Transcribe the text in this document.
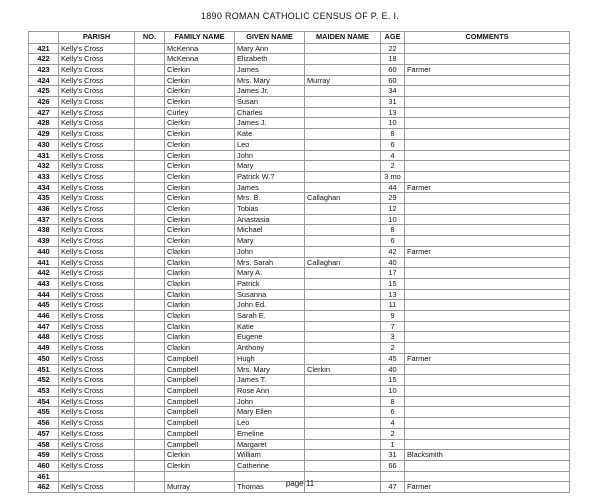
1890 ROMAN CATHOLIC CENSUS OF P. E. I.
	PARISH	NO.	FAMILY NAME	GIVEN NAME	MAIDEN NAME	AGE	COMMENTS
421	Kelly's Cross		McKenna	Mary Ann		22	
422	Kelly's Cross		McKenna	Elizabeth		18	
423	Kelly's Cross		Clerkin	James		60	Farmer
424	Kelly's Cross		Clerkin	Mrs. Mary	Murray	60	
425	Kelly's Cross		Clerkin	James Jr.		34	
426	Kelly's Cross		Clerkin	Susan		31	
427	Kelly's Cross		Curley	Charles		13	
428	Kelly's Cross		Clerkin	James J.		10	
429	Kelly's Cross		Clerkin	Kate		8	
430	Kelly's Cross		Clerkin	Leo		6	
431	Kelly's Cross		Clerkin	John		4	
432	Kelly's Cross		Clerkin	Mary		2	
433	Kelly's Cross		Clerkin	Patrick W.?		3 mo	
434	Kelly's Cross		Clerkin	James		44	Farmer
435	Kelly's Cross		Clerkin	Mrs. B.	Callaghan	29	
436	Kelly's Cross		Clerkin	Tobias		12	
437	Kelly's Cross		Clerkin	Anastasia		10	
438	Kelly's Cross		Clerkin	Michael		8	
439	Kelly's Cross		Clerkin	Mary		6	
440	Kelly's Cross		Clarkin	John		42	Farmer
441	Kelly's Cross		Clarkin	Mrs. Sarah	Callaghan	40	
442	Kelly's Cross		Clarkin	Mary A.		17	
443	Kelly's Cross		Clarkin	Patrick		15	
444	Kelly's Cross		Clarkin	Susanna		13	
445	Kelly's Cross		Clarkin	John Ed.		11	
446	Kelly's Cross		Clarkin	Sarah E.		9	
447	Kelly's Cross		Clarkin	Katie		7	
448	Kelly's Cross		Clarkin	Eugene		3	
449	Kelly's Cross		Clarkin	Anthony		2	
450	Kelly's Cross		Campbell	Hugh		45	Farmer
451	Kelly's Cross		Campbell	Mrs. Mary	Clerkin	40	
452	Kelly's Cross		Campbell	James T.		15	
453	Kelly's Cross		Campbell	Rose Ann		10	
454	Kelly's Cross		Campbell	John		8	
455	Kelly's Cross		Campbell	Mary Ellen		6	
456	Kelly's Cross		Campbell	Leo		4	
457	Kelly's Cross		Campbell	Emeline		2	
458	Kelly's Cross		Campbell	Margaret		1	
459	Kelly's Cross		Clerkin	William		31	Blacksmith
460	Kelly's Cross		Clerkin	Catherine		66	
461							
462	Kelly's Cross		Murray	Thomas		47	Farmer
page 11
